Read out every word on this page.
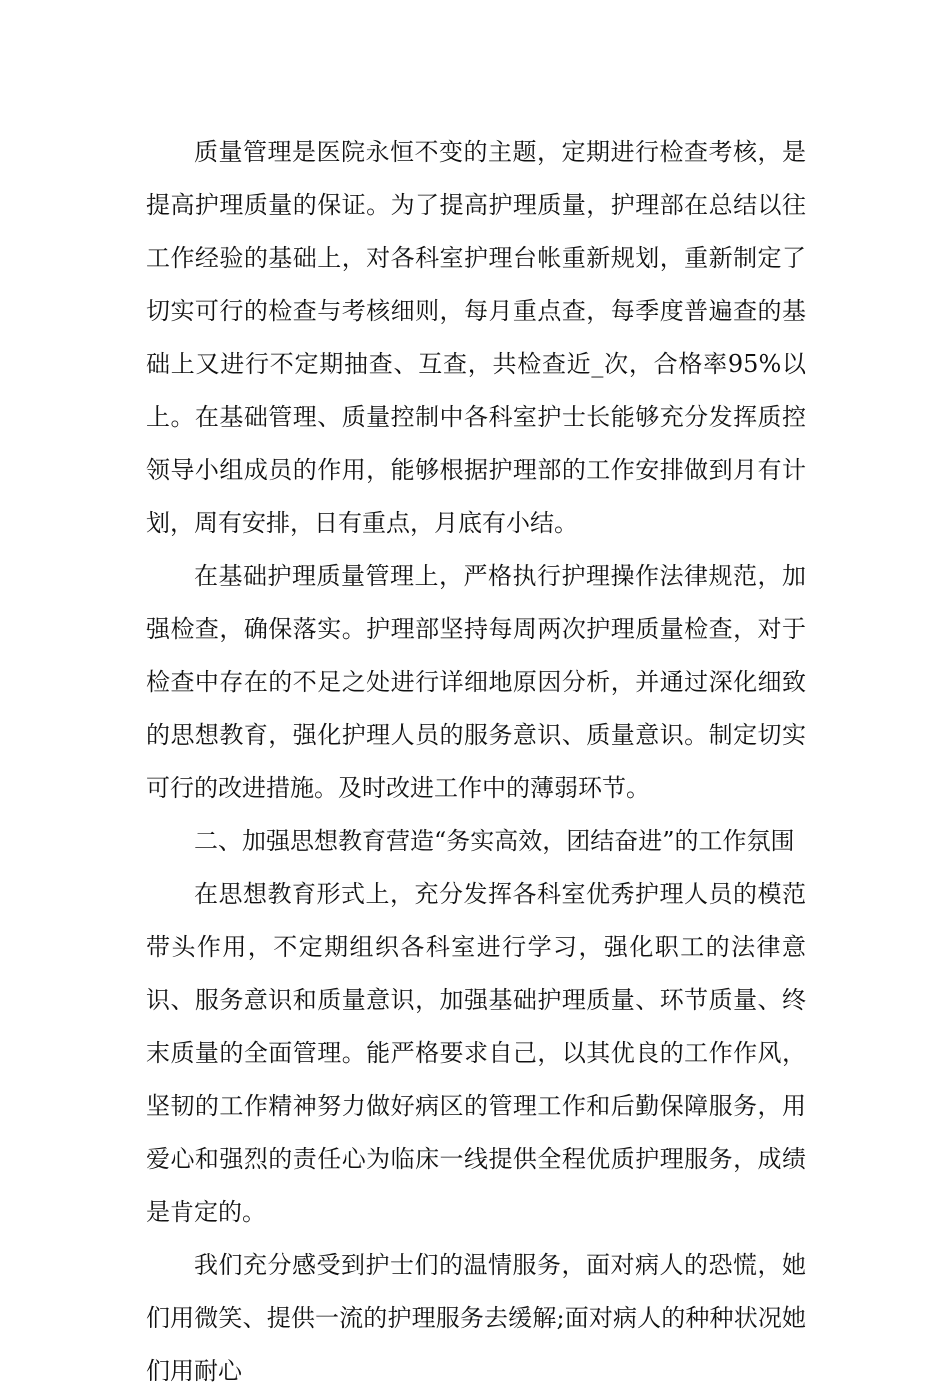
质量管理是医院永恒不变的主题，定期进行检查考核，是提高护理质量的保证。为了提高护理质量，护理部在总结以往工作经验的基础上，对各科室护理台帐重新规划，重新制定了切实可行的检查与考核细则，每月重点查，每季度普遍查的基础上又进行不定期抽查、互查，共检查近_次，合格率95%以上。在基础管理、质量控制中各科室护士长能够充分发挥质控领导小组成员的作用，能够根据护理部的工作安排做到月有计划，周有安排，日有重点，月底有小结。

在基础护理质量管理上，严格执行护理操作法律规范，加强检查，确保落实。护理部坚持每周两次护理质量检查，对于检查中存在的不足之处进行详细地原因分析，并通过深化细致的思想教育，强化护理人员的服务意识、质量意识。制定切实可行的改进措施。及时改进工作中的薄弱环节。

二、加强思想教育营造“务实高效，团结奋进”的工作氛围

在思想教育形式上，充分发挥各科室优秀护理人员的模范带头作用，不定期组织各科室进行学习，强化职工的法律意识、服务意识和质量意识，加强基础护理质量、环节质量、终末质量的全面管理。能严格要求自己，以其优良的工作作风，坚韧的工作精神努力做好病区的管理工作和后勤保障服务，用爱心和强烈的责任心为临床一线提供全程优质护理服务，成绩是肯定的。

我们充分感受到护士们的温情服务，面对病人的恐慌，她们用微笑、提供一流的护理服务去缓解;面对病人的种种状况她们用耐心
